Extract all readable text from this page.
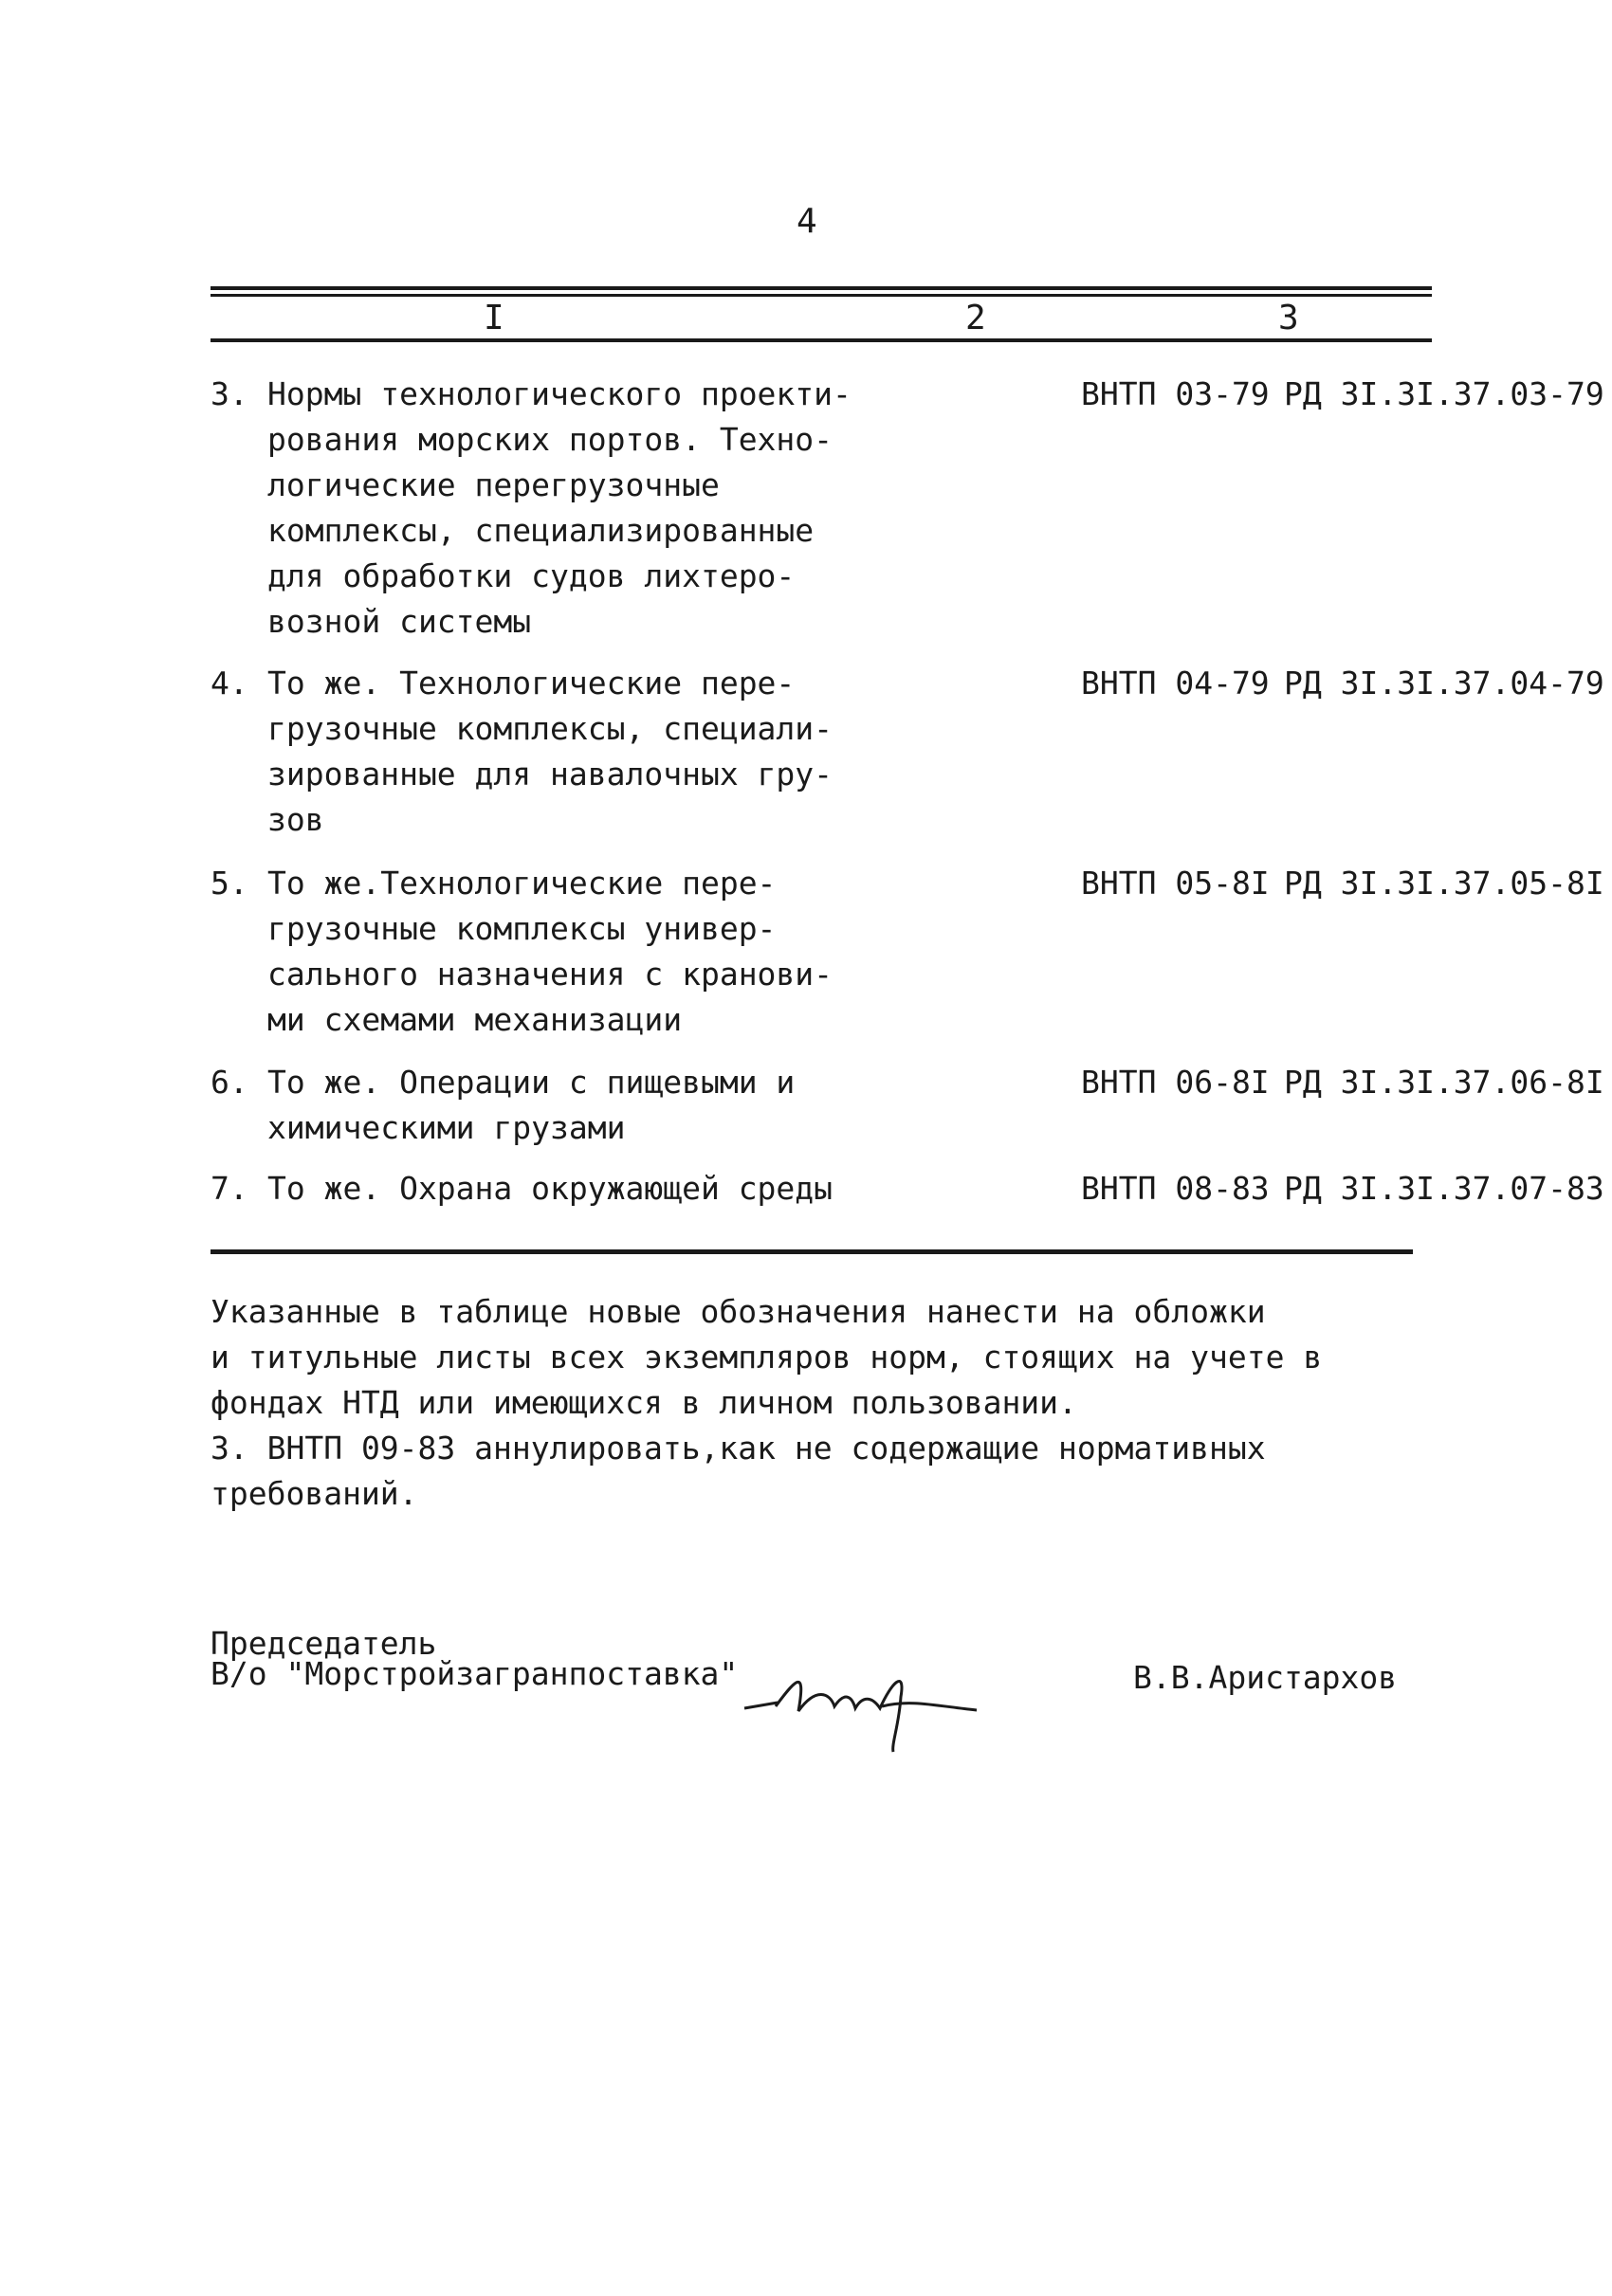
4
I	2	3
3. Нормы технологического проекти-
рования морских портов. Техно-
логические перегрузочные
комплексы, специализированные
для обработки судов лихтеро-
возной системы
ВНТП 03-79 РД 3I.3I.37.03-79
4. То же. Технологические пере-
грузочные комплексы, специали-
зированные для навалочных гру-
зов
ВНТП 04-79 РД 3I.3I.37.04-79
5. То же.Технологические пере-
грузочные комплексы универ-
сального назначения с кранови-
ми схемами механизации
ВНТП 05-8I РД 3I.3I.37.05-8I
6. То же. Операции с пищевыми и
химическими грузами
ВНТП 06-8I РД 3I.3I.37.06-8I
7. То же. Охрана окружающей среды	ВНТП 08-83 РД 3I.3I.37.07-83
Указанные в таблице новые обозначения нанести на обложки
и титульные листы всех экземпляров норм, стоящих на учете в
фондах НТД или имеющихся в личном пользовании.
3. ВНТП 09-83 аннулировать,как не содержащие нормативных
требований.
Председатель
В/о "Морстройзагранпоставка"	В.В.Аристархов
